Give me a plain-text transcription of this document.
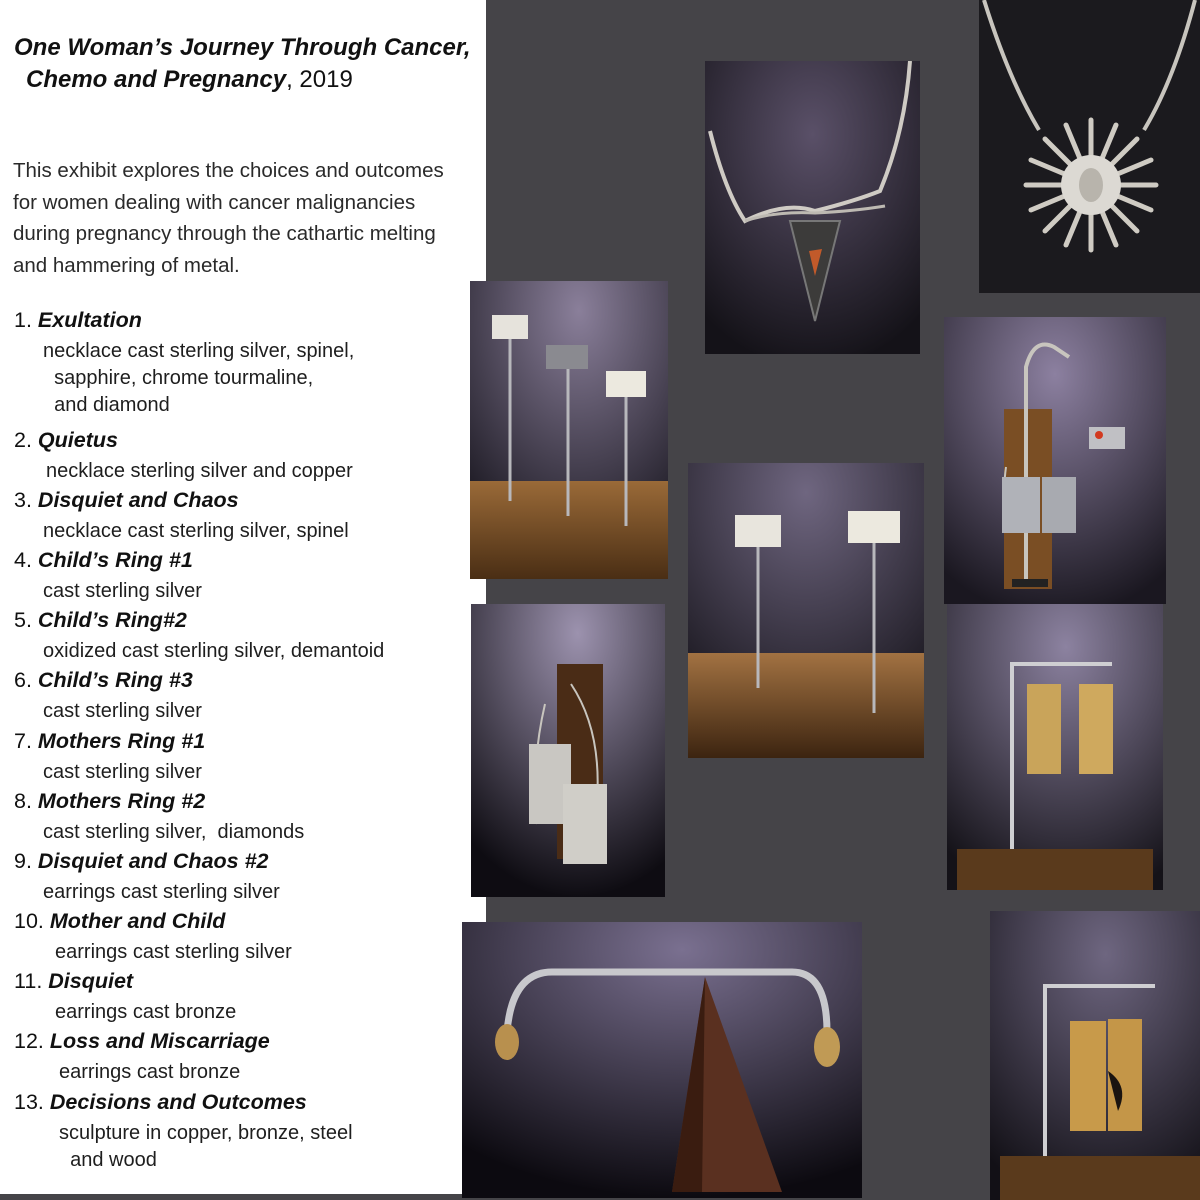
One Woman’s Journey Through Cancer,
Chemo and Pregnancy, 2019
This exhibit explores the choices and outcomes for women dealing with cancer malignancies during pregnancy through the cathartic melting and hammering of metal.
1. Exultation
necklace cast sterling silver, spinel,
sapphire, chrome tourmaline,
and diamond
2. Quietus
necklace sterling silver and copper
3. Disquiet and Chaos
necklace cast sterling silver, spinel
4. Child’s Ring #1
cast sterling silver
5. Child’s Ring#2
oxidized cast sterling silver, demantoid
6. Child’s Ring #3
cast sterling silver
7. Mothers Ring #1
cast sterling silver
8. Mothers Ring #2
cast sterling silver,  diamonds
9. Disquiet and Chaos #2
earrings cast sterling silver
10. Mother and Child
earrings cast sterling silver
11. Disquiet
earrings cast bronze
12. Loss and Miscarriage
earrings cast bronze
13. Decisions and Outcomes
sculpture in copper, bronze, steel
and wood
